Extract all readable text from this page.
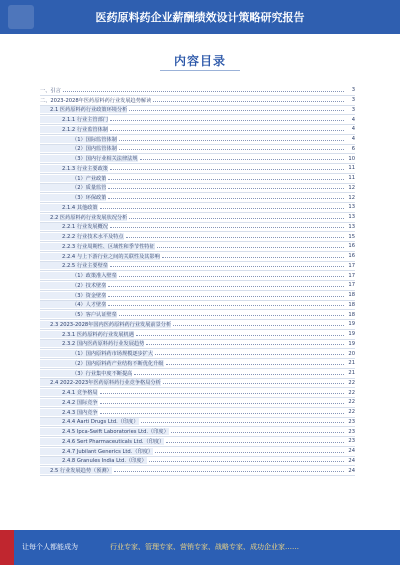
医药原料药企业薪酬绩效设计策略研究报告
内容目录
一、引言	3
二、2023-2028年医药原料药行业发展趋势解读	3
2.1 医药原料药行业政策环境分析	3
2.1.1 行业主管部门	4
2.1.2 行业监管体制	4
（1）国际监管体制	4
（2）国内监管体制	6
（3）国内行业相关法律法规	10
2.1.3 行业主要政策	11
（1）产业政策	11
（2）质量监管	12
（3）环保政策	12
2.1.4 其他政策	13
2.2 医药原料药行业发展状况分析	13
2.2.1 行业发展概况	13
2.2.2 行业技术水平及特点	15
2.2.3 行业周期性、区域性和季节性特征	16
2.2.4 与上下游行业之间的关联性及其影响	16
2.2.5 行业主要壁垒	17
（1）政策准入壁垒	17
（2）技术壁垒	17
（3）资金壁垒	18
（4）人才壁垒	18
（5）客户认证壁垒	18
2.3 2023-2028年国内医药原料药行业发展前景分析	19
2.3.1 医药原料药行业发展机遇	19
2.3.2 国内医药原料药行业发展趋势	19
（1）国内原料药市场规模逐步扩大	20
（2）国内原料药产业结构不断优化升级	21
（3）行业集中度不断提高	21
2.4 2022-2023年医药原料药行业竞争格局分析	22
2.4.1 竞争格局	22
2.4.2 国际竞争	22
2.4.3 国内竞争	22
2.4.4 Aarti Drugs Ltd.（印度）	23
2.4.5 Ipca-Swift Laboratories Ltd.（印度）	23
2.4.6 Sert Pharmaceuticals Ltd.（印度）	23
2.4.7 Jubilant Generics Ltd.（印度）	24
2.4.8 Granules India Ltd.（印度）	24
2.5 行业发展趋势（预测）	24
让每个人都能成为	行业专家、管理专家、营销专家、战略专家、成功企业家……
